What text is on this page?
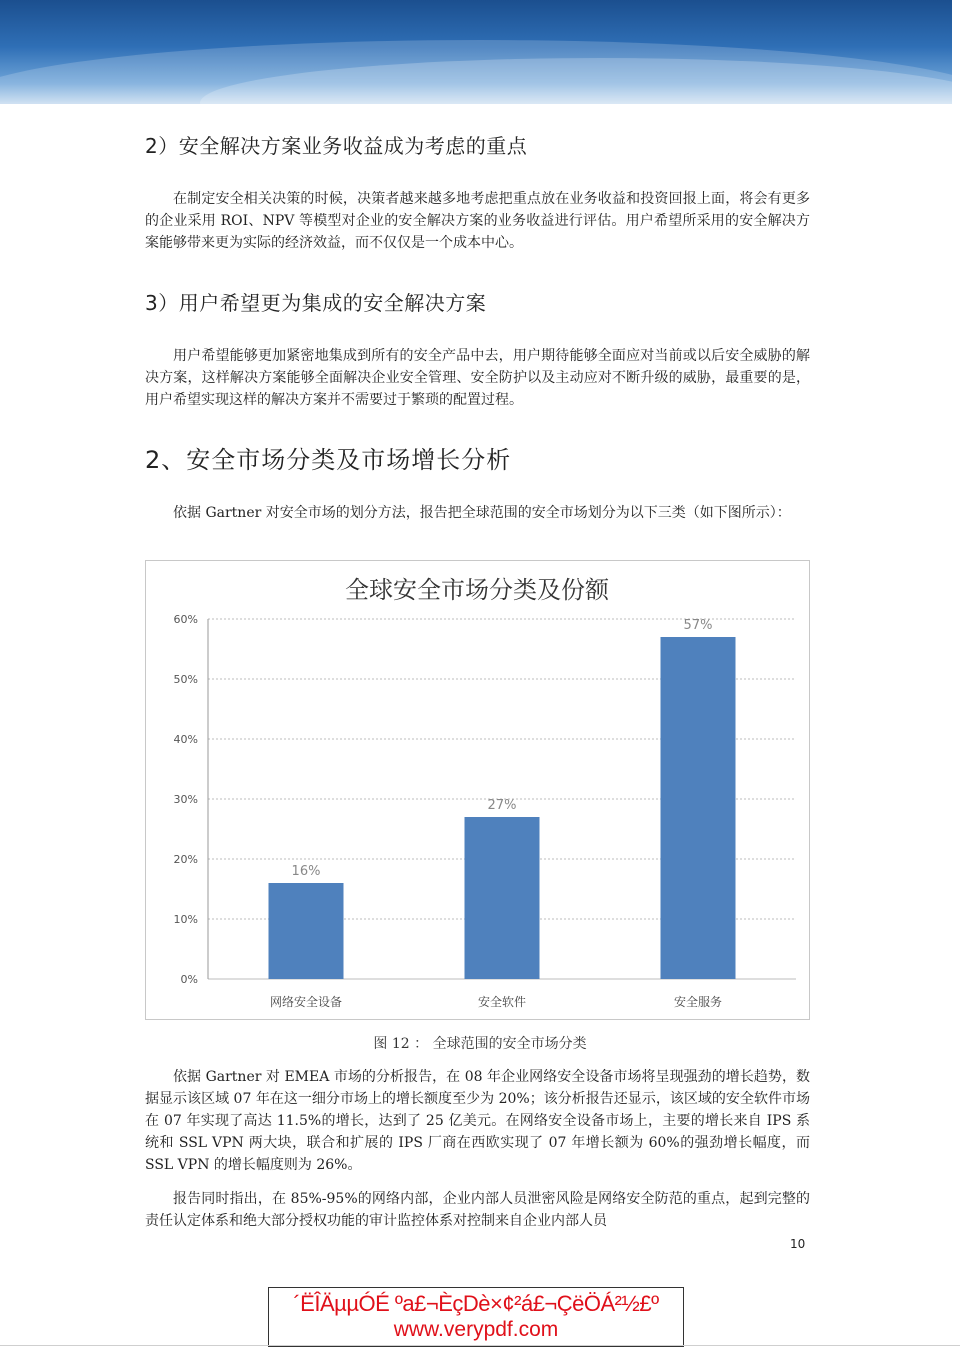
2）安全解决方案业务收益成为考虑的重点

在制定安全相关决策的时候，决策者越来越多地考虑把重点放在业务收益和投资回报上面，将会有更多的企业采用 ROI、NPV 等模型对企业的安全解决方案的业务收益进行评估。用户希望所采用的安全解决方案能够带来更为实际的经济效益，而不仅仅是一个成本中心。

3）用户希望更为集成的安全解决方案

用户希望能够更加紧密地集成到所有的安全产品中去，用户期待能够全面应对当前或以后安全威胁的解决方案，这样解决方案能够全面解决企业安全管理、安全防护以及主动应对不断升级的威胁，最重要的是，用户希望实现这样的解决方案并不需要过于繁琐的配置过程。

2、安全市场分类及市场增长分析

依据 Gartner 对安全市场的划分方法，报告把全球范围的安全市场划分为以下三类（如下图所示）：

全球安全市场分类及份额
0%
10%
20%
30%
40%
50%
60%
16%
网络安全设备
27%
安全软件
57%
安全服务

图 12 ： 全球范围的安全市场分类

依据 Gartner 对 EMEA 市场的分析报告，在 08 年企业网络安全设备市场将呈现强劲的增长趋势，数据显示该区域 07 年在这一细分市场上的增长额度至少为 20%；该分析报告还显示，该区域的安全软件市场在 07 年实现了高达 11.5%的增长，达到了 25 亿美元。在网络安全设备市场上，主要的增长来自 IPS 系统和 SSL VPN 两大块，联合和扩展的 IPS 厂商在西欧实现了 07 年增长额为 60%的强劲增长幅度，而 SSL VPN 的增长幅度则为 26%。

报告同时指出，在 85%-95%的网络内部，企业内部人员泄密风险是网络安全防范的重点，起到完整的责任认定体系和绝大部分授权功能的审计监控体系对控制来自企业内部人员

10
´ËÎÄµµÓÉ ºa£¬ÈçDè×¢²á£¬ÇëÖÁ²½£º
www.verypdf.com
